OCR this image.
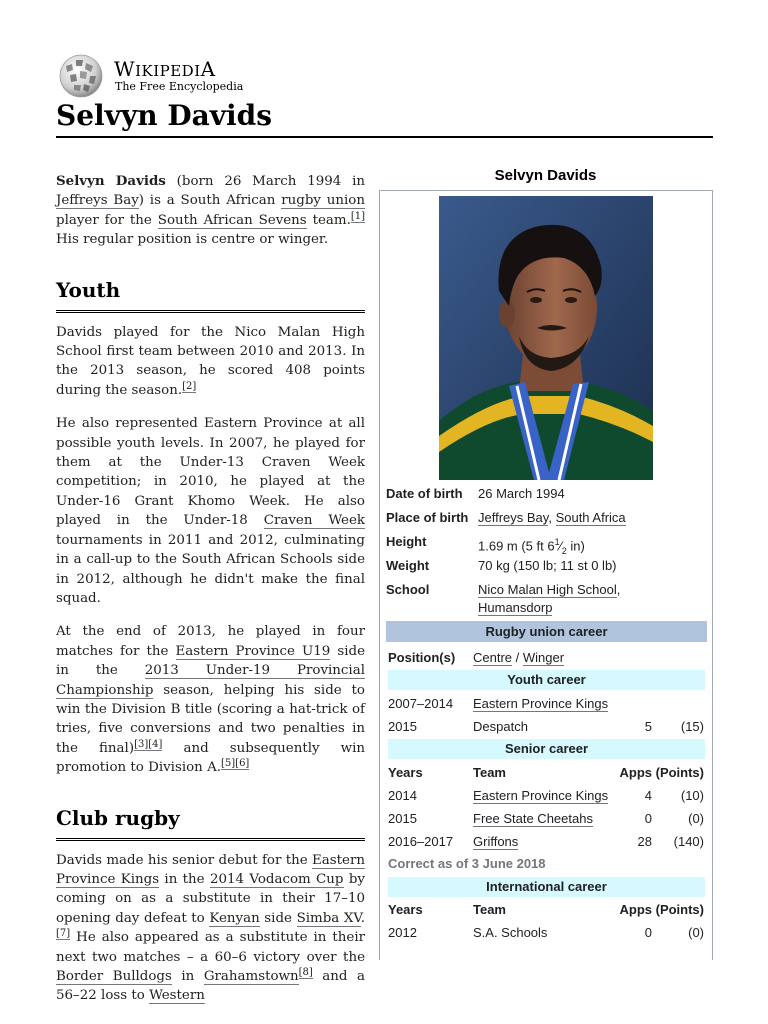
WIKIPEDIA
The Free Encyclopedia
Selvyn Davids

Selvyn Davids (born 26 March 1994 in Jeffreys Bay) is a South African rugby union player for the South African Sevens team.[1] His regular position is centre or winger.

Youth

Davids played for the Nico Malan High School first team between 2010 and 2013. In the 2013 season, he scored 408 points during the season.[2]

He also represented Eastern Province at all possible youth levels. In 2007, he played for them at the Under-13 Craven Week competition; in 2010, he played at the Under-16 Grant Khomo Week. He also played in the Under-18 Craven Week tournaments in 2011 and 2012, culminating in a call-up to the South African Schools side in 2012, although he didn't make the final squad.

At the end of 2013, he played in four matches for the Eastern Province U19 side in the 2013 Under-19 Provincial Championship season, helping his side to win the Division B title (scoring a hat-trick of tries, five conversions and two penalties in the final)[3][4] and subsequently win promotion to Division A.[5][6]

Club rugby

Davids made his senior debut for the Eastern Province Kings in the 2014 Vodacom Cup by coming on as a substitute in their 17–10 opening day defeat to Kenyan side Simba XV.[7] He also appeared as a substitute in their next two matches – a 60–6 victory over the Border Bulldogs in Grahamstown[8] and a 56–22 loss to Western

Selvyn Davids
Date of birth 26 March 1994
Place of birth Jeffreys Bay, South Africa
Height	1.69 m (5 ft $6^1⁄_2$ in)
Weight	70 kg (150 lb; 11 st 0 lb)
School	Nico Malan High School,
Humansdorp
Rugby union career
Position(s) Centre / Winger
Youth career
2007–2014 Eastern Province Kings
2015	Despatch	5	(15)
Senior career
Years	Team	Apps (Points)
2014	Eastern Province Kings	4	(10)
2015	Free State Cheetahs	0	(0)
2016–2017 Griffons	28	(140)
Correct as of 3 June 2018
International career
Years	Team	Apps (Points)
2012	S.A. Schools	0	(0)
